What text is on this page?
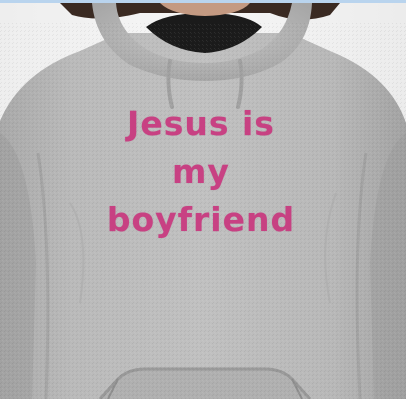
Jesus is
my
boyfriend
